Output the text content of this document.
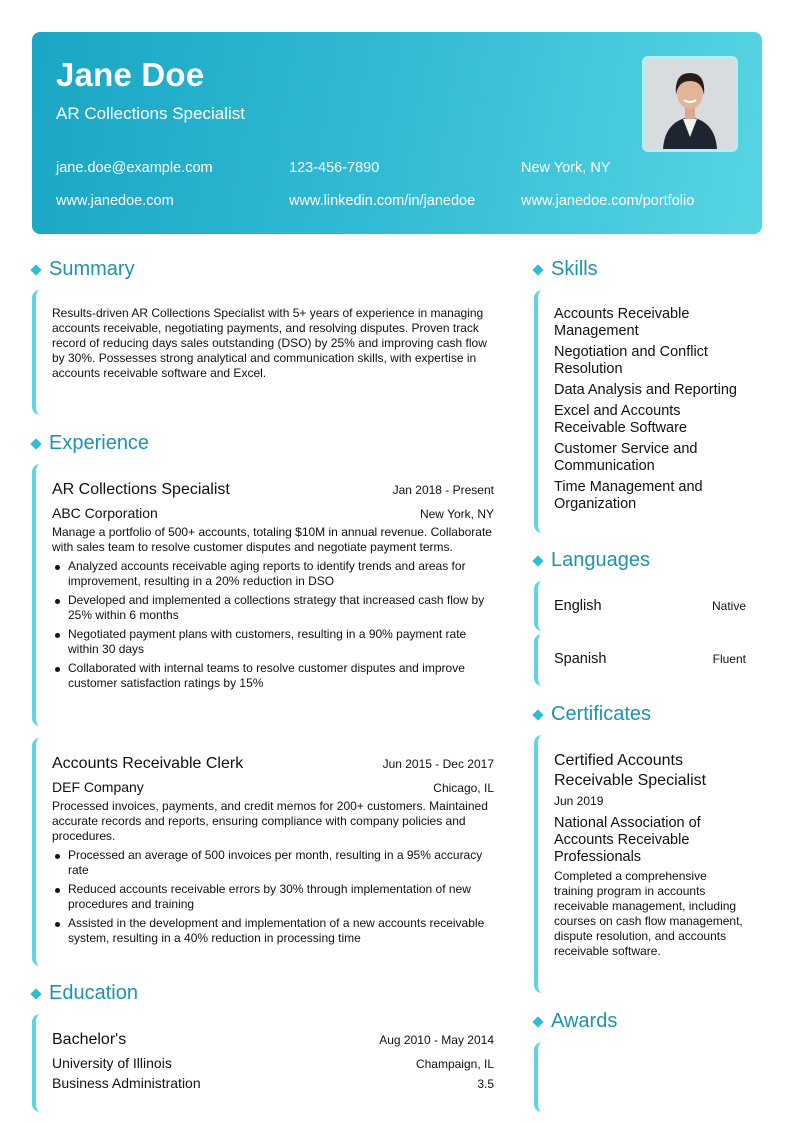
Jane Doe
AR Collections Specialist
jane.doe@example.com	123-456-7890	New York, NY
www.janedoe.com	www.linkedin.com/in/janedoe	www.janedoe.com/portfolio
Summary

Results-driven AR Collections Specialist with 5+ years of experience in managing accounts receivable, negotiating payments, and resolving disputes. Proven track record of reducing days sales outstanding (DSO) by 25% and improving cash flow by 30%. Possesses strong analytical and communication skills, with expertise in accounts receivable software and Excel.

Experience
AR Collections Specialist	Jan 2018 - Present
ABC Corporation	New York, NY

Manage a portfolio of 500+ accounts, totaling $10M in annual revenue. Collaborate with sales team to resolve customer disputes and negotiate payment terms.

Analyzed accounts receivable aging reports to identify trends and areas for improvement, resulting in a 20% reduction in DSO
Developed and implemented a collections strategy that increased cash flow by 25% within 6 months
Negotiated payment plans with customers, resulting in a 90% payment rate within 30 days
Collaborated with internal teams to resolve customer disputes and improve customer satisfaction ratings by 15%
Accounts Receivable Clerk	Jun 2015 - Dec 2017
DEF Company	Chicago, IL

Processed invoices, payments, and credit memos for 200+ customers. Maintained accurate records and reports, ensuring compliance with company policies and procedures.

Processed an average of 500 invoices per month, resulting in a 95% accuracy rate
Reduced accounts receivable errors by 30% through implementation of new procedures and training
Assisted in the development and implementation of a new accounts receivable system, resulting in a 40% reduction in processing time
Education
Bachelor's	Aug 2010 - May 2014
University of Illinois	Champaign, IL
Business Administration	3.5
Skills
Accounts Receivable Management
Negotiation and Conflict Resolution
Data Analysis and Reporting
Excel and Accounts Receivable Software
Customer Service and Communication
Time Management and Organization
Languages
English	Native
Spanish	Fluent
Certificates
Certified Accounts Receivable Specialist
Jun 2019
National Association of Accounts Receivable Professionals

Completed a comprehensive training program in accounts receivable management, including courses on cash flow management, dispute resolution, and accounts receivable software.

Awards
